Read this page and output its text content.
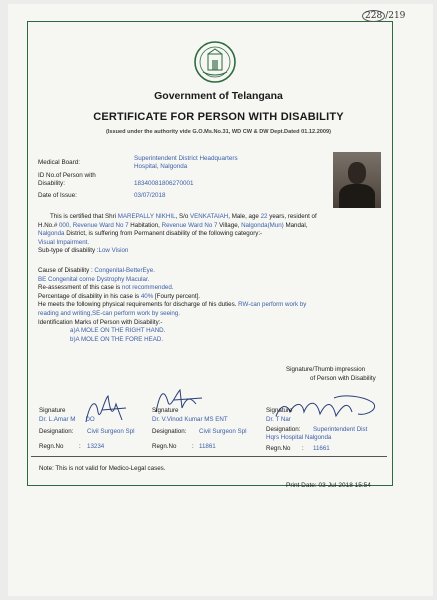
228 /219
Government of Telangana
CERTIFICATE FOR PERSON WITH DISABILITY
(Issued under the authority vide G.O.Ms.No.31, WD CW & DW Dept.Dated 01.12.2009)
Medical Board:
Superintendent District Headquarters
Hospital, Nalgonda
ID No.of Person with
Disability:	18340081806270001
Date of Issue:	03/07/2018
This is certified that Shri MAREPALLY NIKHIL, S/o VENKATAIAH, Male, age 22 years, resident of
H.No.# 000, Revenue Ward No 7 Habitation, Revenue Ward No 7 Village, Nalgonda(Mun) Mandal,
Nalgonda District, is suffering from Permanent disability of the following category:-
Visual Impairment.
Sub-type of disability :Low Vision
Cause of Disability : Congenital-BetterEye.
BE Congenital corne Dystrophy Macular.
Re-assessment of this case is not recommended.
Percentage of disability in his case is 40% [Fourty percent].
He meets the following physical requirements for discharge of his duties. RW-can perform work by
reading and writing,SE-can perform work by seeing.
Identification Marks of Person with Disability:-
a)A MOLE ON THE RIGHT HAND.
b)A MOLE ON THE FORE HEAD.
Signature/Thumb impression
of Person with Disability
Signature
Dr. L.Amar M DO
Designation: Civil Surgeon Spl
Regn.No	: 13234
Signature
Dr. V.Vinod Kumar MS ENT
Designation: Civil Surgeon Spl
Regn.No	: 11861
Signature
Dr. T Nar
Designation: Superintendent Dist
Hqrs Hospital Nalgonda
Regn.No : 11661
Note: This is not valid for Medico-Legal cases.
Print Date: 03-Jul-2018 15:54
